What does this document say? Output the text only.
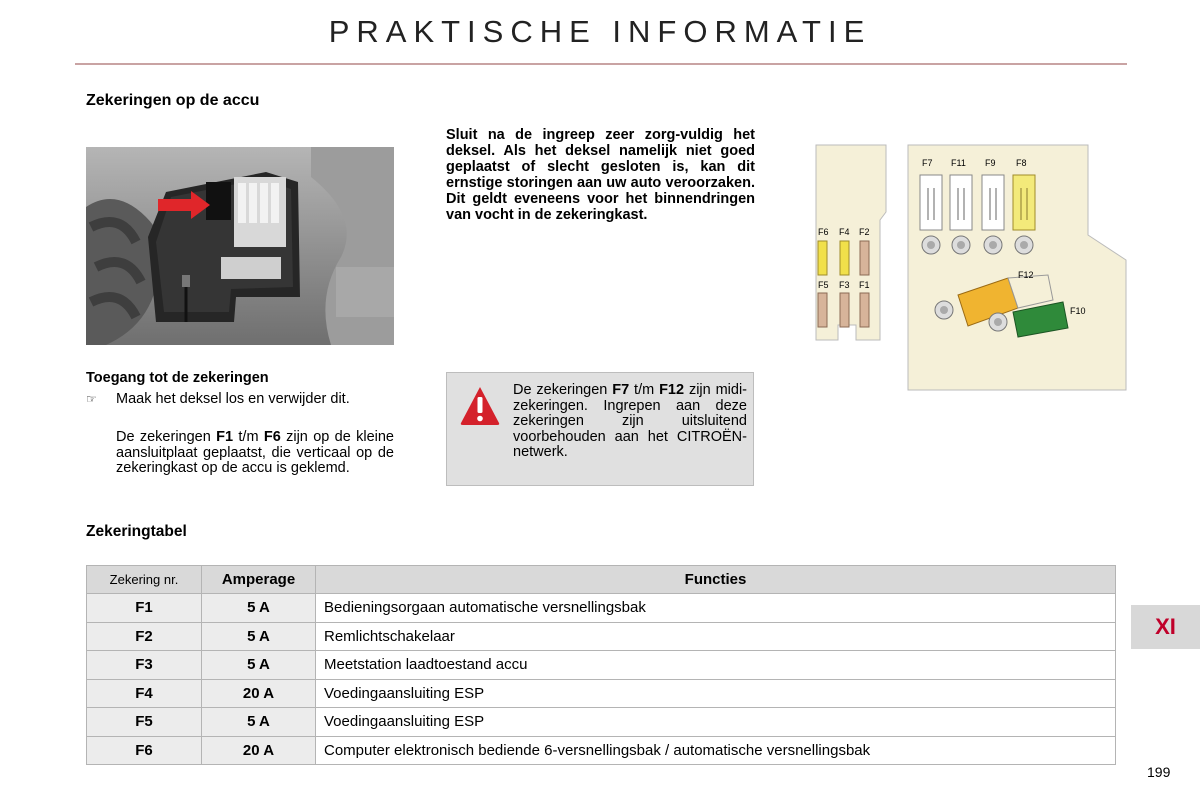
PRAKTISCHE INFORMATIE
Zekeringen op de accu
Sluit na de ingreep zeer zorg-vuldig het deksel. Als het deksel namelijk niet goed geplaatst of slecht gesloten is, kan dit ernstige storingen aan uw auto veroorzaken. Dit geldt eveneens voor het binnendringen van vocht in de zekeringkast.
Toegang tot de zekeringen
☞ Maak het deksel los en verwijder dit.
De zekeringen F1 t/m F6 zijn op de kleine aansluitplaat geplaatst, die verticaal op de zekeringkast op de accu is geklemd.
De zekeringen F7 t/m F12 zijn midi-zekeringen. Ingrepen aan deze zekeringen zijn uitsluitend voorbehouden aan het CITROËN-netwerk.
F6 F4 F2
F5 F3 F1
F7 F11 F9 F8
F12
F10
Zekeringtabel
Zekering nr.	Amperage	Functies
F1	5 A	Bedieningsorgaan automatische versnellingsbak
F2	5 A	Remlichtschakelaar
F3	5 A	Meetstation laadtoestand accu
F4	20 A	Voedingaansluiting ESP
F5	5 A	Voedingaansluiting ESP
F6	20 A	Computer elektronisch bediende 6-versnellingsbak / automatische versnellingsbak
XI
199
